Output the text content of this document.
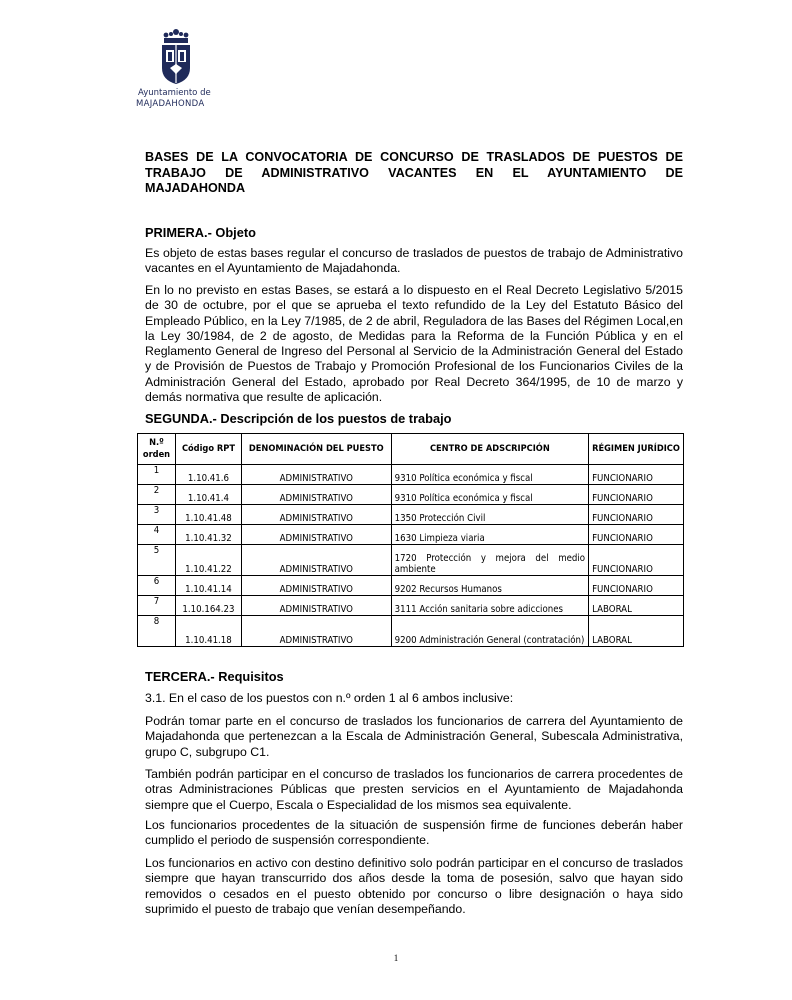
Ayuntamiento de
MAJADAHONDA
BASES DE LA CONVOCATORIA DE CONCURSO DE TRASLADOS DE PUESTOS DE
TRABAJO DE ADMINISTRATIVO VACANTES EN EL AYUNTAMIENTO DE
MAJADAHONDA
PRIMERA.- Objeto

Es objeto de estas bases regular el concurso de traslados de puestos de trabajo de Administrativo vacantes en el Ayuntamiento de Majadahonda.

En lo no previsto en estas Bases, se estará a lo dispuesto en el Real Decreto Legislativo 5/2015 de 30 de octubre, por el que se aprueba el texto refundido de la Ley del Estatuto Básico del Empleado Público, en la Ley 7/1985, de 2 de abril, Reguladora de las Bases del Régimen Local,en la Ley 30/1984, de 2 de agosto, de Medidas para la Reforma de la Función Pública y en el Reglamento General de Ingreso del Personal al Servicio de la Administración General del Estado y de Provisión de Puestos de Trabajo y Promoción Profesional de los Funcionarios Civiles de la Administración General del Estado, aprobado por Real Decreto 364/1995, de 10 de marzo y demás normativa que resulte de aplicación.

SEGUNDA.- Descripción de los puestos de trabajo
N.º orden	Código RPT	DENOMINACIÓN DEL PUESTO	CENTRO DE ADSCRIPCIÓN	RÉGIMEN JURÍDICO
1	1.10.41.6	ADMINISTRATIVO	9310 Política económica y fiscal	FUNCIONARIO
2	1.10.41.4	ADMINISTRATIVO	9310 Política económica y fiscal	FUNCIONARIO
3	1.10.41.48	ADMINISTRATIVO	1350 Protección Civil	FUNCIONARIO
4	1.10.41.32	ADMINISTRATIVO	1630 Limpieza viaria	FUNCIONARIO
5	1.10.41.22	ADMINISTRATIVO	1720 Protección y mejora del medio ambiente	FUNCIONARIO
6	1.10.41.14	ADMINISTRATIVO	9202 Recursos Humanos	FUNCIONARIO
7	1.10.164.23	ADMINISTRATIVO	3111 Acción sanitaria sobre adicciones	LABORAL
8	1.10.41.18	ADMINISTRATIVO	9200 Administración General (contratación)	LABORAL
TERCERA.- Requisitos

3.1. En el caso de los puestos con n.º orden 1 al 6 ambos inclusive:

Podrán tomar parte en el concurso de traslados los funcionarios de carrera del Ayuntamiento de Majadahonda que pertenezcan a la Escala de Administración General, Subescala Administrativa, grupo C, subgrupo C1.

También podrán participar en el concurso de traslados los funcionarios de carrera procedentes de otras Administraciones Públicas que presten servicios en el Ayuntamiento de Majadahonda siempre que el Cuerpo, Escala o Especialidad de los mismos sea equivalente.

Los funcionarios procedentes de la situación de suspensión firme de funciones deberán haber cumplido el periodo de suspensión correspondiente.

Los funcionarios en activo con destino definitivo solo podrán participar en el concurso de traslados siempre que hayan transcurrido dos años desde la toma de posesión, salvo que hayan sido removidos o cesados en el puesto obtenido por concurso o libre designación o haya sido suprimido el puesto de trabajo que venían desempeñando.

1
